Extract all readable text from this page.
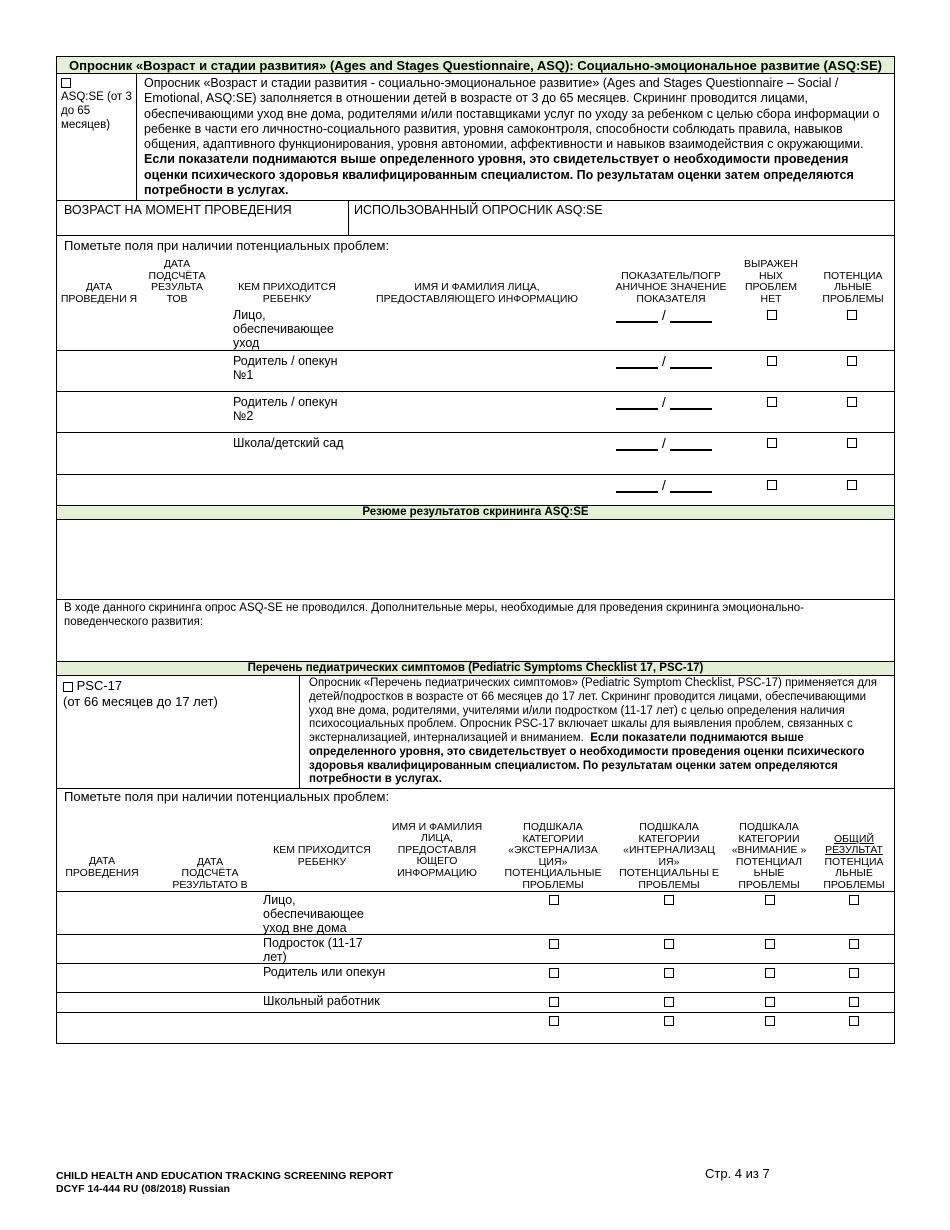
Опросник «Возраст и стадии развития» (Ages and Stages Questionnaire, ASQ): Социально-эмоциональное развитие (ASQ:SE)

ASQ:SE (от 3 до 65 месяцев)
Опросник «Возраст и стадии развития - социально-эмоциональное развитие» (Ages and Stages Questionnaire – Social / Emotional, ASQ:SE) заполняется в отношении детей в возрасте от 3 до 65 месяцев. Скрининг проводится лицами, обеспечивающими уход вне дома, родителями и/или поставщиками услуг по уходу за ребенком с целью сбора информации о ребенке в части его личностно-социального развития, уровня самоконтроля, способности соблюдать правила, навыков общения, адаптивного функционирования, уровня автономии, аффективности и навыков взаимодействия с окружающими.  Если показатели поднимаются выше определенного уровня, это свидетельствует о необходимости проведения оценки психического здоровья квалифицированным специалистом. По результатам оценки затем определяются потребности в услугах.
ВОЗРАСТ НА МОМЕНТ ПРОВЕДЕНИЯ	ИСПОЛЬЗОВАННЫЙ ОПРОСНИК ASQ:SE
Пометьте поля при наличии потенциальных проблем:
ДАТА ПРОВЕДЕНИ Я
ДАТА ПОДСЧЁТА РЕЗУЛЬТА ТОВ
КЕМ ПРИХОДИТСЯ РЕБЕНКУ
ИМЯ И ФАМИЛИЯ ЛИЦА, ПРЕДОСТАВЛЯЮЩЕГО ИНФОРМАЦИЮ
ПОКАЗАТЕЛЬ/ПОГР АНИЧНОЕ ЗНАЧЕНИЕ ПОКАЗАТЕЛЯ
ВЫРАЖЕН НЫХ ПРОБЛЕМ НЕТ
ПОТЕНЦИА ЛЬНЫЕ ПРОБЛЕМЫ
Лицо, обеспечивающее уход
/
Родитель / опекун №1
/
Родитель / опекун №2
/
Школа/детский сад	/
/
Резюме результатов скрининга ASQ:SE
В ходе данного скрининга опрос ASQ-SE не проводился. Дополнительные меры, необходимые для проведения скрининга эмоционально-поведенческого развития:
Перечень педиатрических симптомов (Pediatric Symptoms Checklist 17, PSC-17)
PSC-17
(от 66 месяцев до 17 лет)
Опросник «Перечень педиатрических симптомов» (Pediatric Symptom Checklist, PSC-17) применяется для детей/подростков в возрасте от 66 месяцев до 17 лет. Скрининг проводится лицами, обеспечивающими уход вне дома, родителями, учителями и/или подростком (11-17 лет) с целью определения наличия психосоциальных проблем. Опросник PSC-17 включает шкалы для выявления проблем, связанных с экстернализацией, интернализацией и вниманием. Если показатели поднимаются выше определенного уровня, это свидетельствует о необходимости проведения оценки психического здоровья квалифицированным специалистом. По результатам оценки затем определяются потребности в услугах.
Пометьте поля при наличии потенциальных проблем:
ДАТА ПРОВЕДЕНИЯ
ДАТА ПОДСЧЁТА РЕЗУЛЬТАТО В
КЕМ ПРИХОДИТСЯ РЕБЕНКУ
ИМЯ И ФАМИЛИЯ ЛИЦА, ПРЕДОСТАВЛЯ ЮЩЕГО ИНФОРМАЦИЮ
ПОДШКАЛА КАТЕГОРИИ «ЭКСТЕРНАЛИЗА ЦИЯ» ПОТЕНЦИАЛЬНЫЕ ПРОБЛЕМЫ
ПОДШКАЛА КАТЕГОРИИ «ИНТЕРНАЛИЗАЦ ИЯ» ПОТЕНЦИАЛЬНЫ Е ПРОБЛЕМЫ
ПОДШКАЛА КАТЕГОРИИ «ВНИМАНИЕ » ПОТЕНЦИАЛ ЬНЫЕ ПРОБЛЕМЫ
ОБЩИЙ РЕЗУЛЬТАТ
ПОТЕНЦИА ЛЬНЫЕ ПРОБЛЕМЫ
Лицо, обеспечивающее уход вне дома
Подросток (11-17 лет)
Родитель или опекун
Школьный работник
CHILD HEALTH AND EDUCATION TRACKING SCREENING REPORT
DCYF 14-444 RU (08/2018) Russian
Стр. 4 из 7
